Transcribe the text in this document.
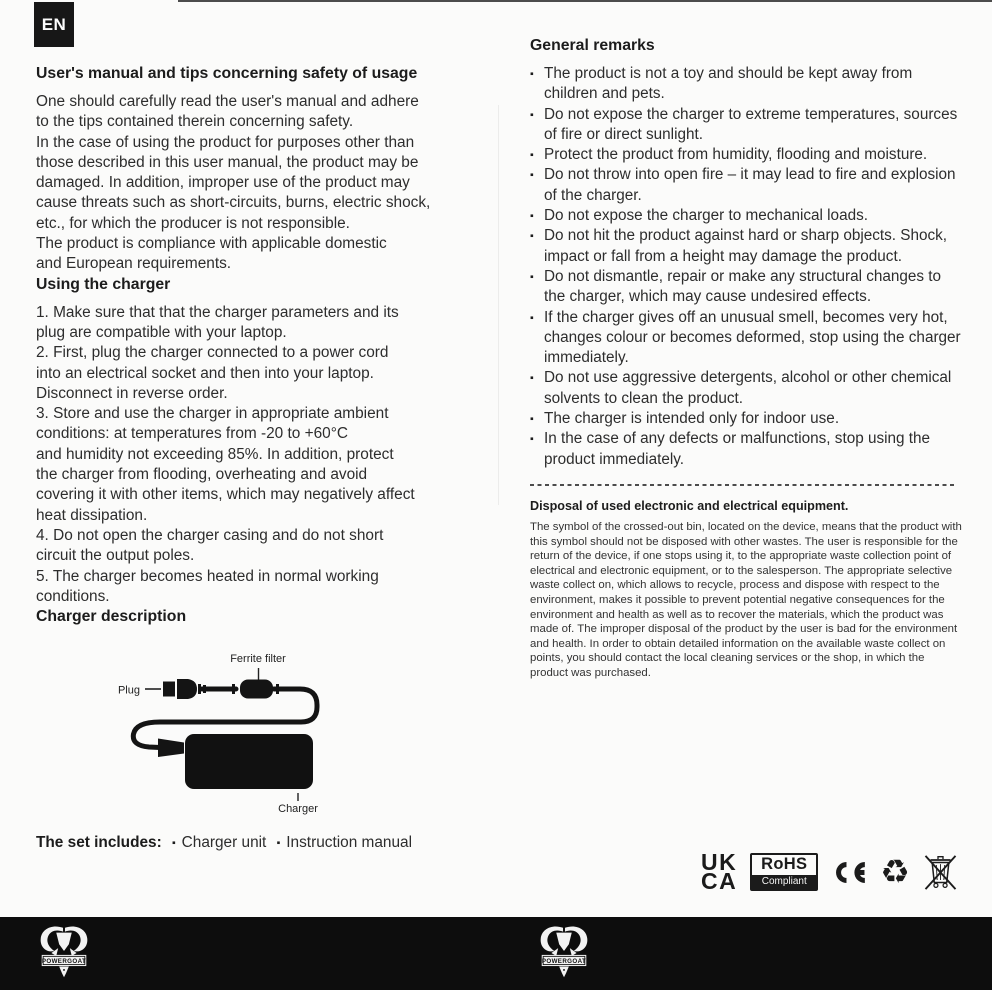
EN
User's manual and tips concerning safety of usage
One should carefully read the user's manual and adhere
to the tips contained therein concerning safety.
In the case of using the product for purposes other than
those described in this user manual, the product may be
damaged. In addition, improper use of the product may
cause threats such as short-circuits, burns, electric shock,
etc., for which the producer is not responsible.
The product is compliance with applicable domestic
and European requirements.
Using the charger
1. Make sure that that the charger parameters and its
plug are compatible with your laptop.
2. First, plug the charger connected to a power cord
into an electrical socket and then into your laptop.
Disconnect in reverse order.
3. Store and use the charger in appropriate ambient
conditions: at temperatures from -20 to +60°C
and humidity not exceeding 85%. In addition, protect
the charger from flooding, overheating and avoid
covering it with other items, which may negatively affect
heat dissipation.
4. Do not open the charger casing and do not short
circuit the output poles.
5. The charger becomes heated in normal working
conditions.
Charger description
Ferrite filter
Plug
Charger
The set includes: ▪ Charger unit ▪ Instruction manual
General remarks
▪ The product is not a toy and should be kept away from children and pets.
▪ Do not expose the charger to extreme temperatures, sources of fire or direct sunlight.
▪ Protect the product from humidity, flooding and moisture.
▪ Do not throw into open fire – it may lead to fire and explosion of the charger.
▪ Do not expose the charger to mechanical loads.
▪ Do not hit the product against hard or sharp objects. Shock, impact or fall from a height may damage the product.
▪ Do not dismantle, repair or make any structural changes to the charger, which may cause undesired effects.
▪ If the charger gives off an unusual smell, becomes very hot, changes colour or becomes deformed, stop using the charger immediately.
▪ Do not use aggressive detergents, alcohol or other chemical solvents to clean the product.
▪ The charger is intended only for indoor use.
▪ In the case of any defects or malfunctions, stop using the product immediately.
Disposal of used electronic and electrical equipment.

The symbol of the crossed-out bin, located on the device, means that the product with this symbol should not be disposed with other wastes. The user is responsible for the return of the device, if one stops using it, to the appropriate waste collection point of electrical and electronic equipment, or to the salesperson. The appropriate selective waste collect on, which allows to recycle, process and dispose with respect to the environment, makes it possible to prevent potential negative consequences for the environment and health as well as to recover the materials, which the product was made of. The improper disposal of the product by the user is bad for the environment and health. In order to obtain detailed information on the available waste collect on points, you should contact the local cleaning services or the shop, in which the product was purchased.

UK
CA
RoHS
Compliant ♻
POWERGOAT	POWERGOAT
